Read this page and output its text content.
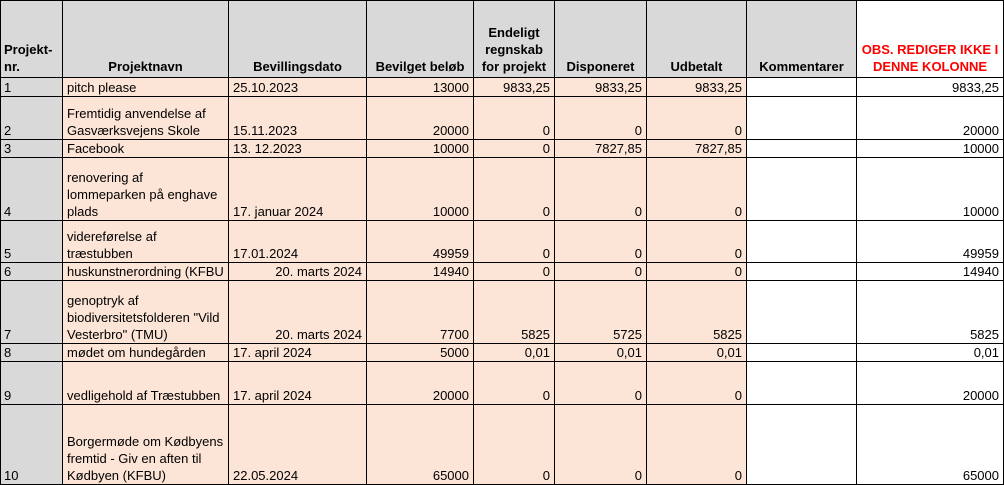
Projekt-nr.	Projektnavn	Bevillingsdato	Bevilget beløb	Endeligt regnskab for projekt	Disponeret	Udbetalt	Kommentarer	OBS. REDIGER IKKE I DENNE KOLONNE
1	pitch please	25.10.2023	13000	9833,25	9833,25	9833,25		9833,25
2	Fremtidig anvendelse af Gasværksvejens Skole	15.11.2023	20000	0	0	0		20000
3	Facebook	13. 12.2023	10000	0	7827,85	7827,85		10000
4	renovering af lommeparken på enghave plads	17. januar 2024	10000	0	0	0		10000
5	videreførelse af træstubben	17.01.2024	49959	0	0	0		49959
6	huskunstnerordning (KFBU	20. marts 2024	14940	0	0	0		14940
7	genoptryk af biodiversitetsfolderen "Vild Vesterbro" (TMU)	20. marts 2024	7700	5825	5725	5825		5825
8	mødet om hundegården	17. april 2024	5000	0,01	0,01	0,01		0,01
9	vedligehold af Træstubben	17. april 2024	20000	0	0	0		20000
10	Borgermøde om Kødbyens fremtid - Giv en aften til Kødbyen (KFBU)	22.05.2024	65000	0	0	0		65000
